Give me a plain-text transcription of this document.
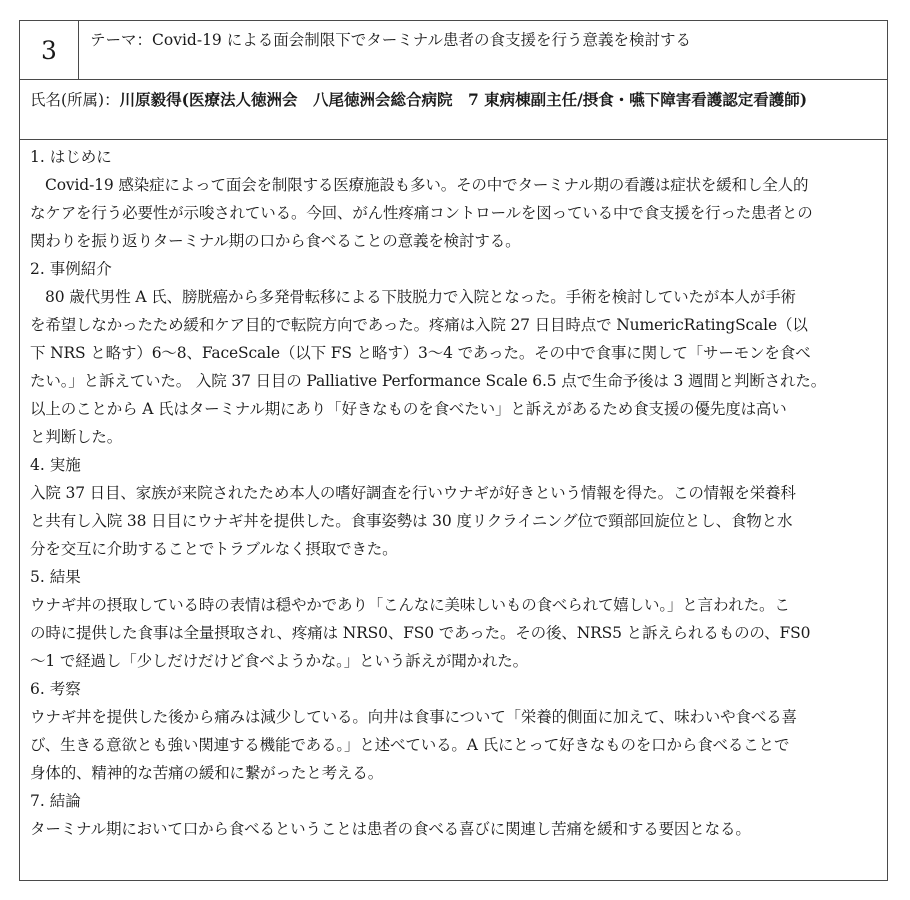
3	テーマ：Covid-19 による面会制限下でターミナル患者の食支援を行う意義を検討する
氏名(所属)：川原毅得(医療法人徳洲会　八尾徳洲会総合病院　7 東病棟副主任/摂食・嚥下障害看護認定看護師)
1. はじめに
Covid-19 感染症によって面会を制限する医療施設も多い。その中でターミナル期の看護は症状を緩和し全人的
なケアを行う必要性が示唆されている。今回、がん性疼痛コントロールを図っている中で食支援を行った患者との
関わりを振り返りターミナル期の口から食べることの意義を検討する。
2. 事例紹介
80 歳代男性 A 氏、膀胱癌から多発骨転移による下肢脱力で入院となった。手術を検討していたが本人が手術
を希望しなかったため緩和ケア目的で転院方向であった。疼痛は入院 27 日目時点で NumericRatingScale（以
下 NRS と略す）6〜8、FaceScale（以下 FS と略す）3〜4 であった。その中で食事に関して「サーモンを食べ
たい。」と訴えていた。 入院 37 日目の Palliative Performance Scale 6.5 点で生命予後は 3 週間と判断された。
以上のことから A 氏はターミナル期にあり「好きなものを食べたい」と訴えがあるため食支援の優先度は高い
と判断した。
4. 実施
入院 37 日目、家族が来院されたため本人の嗜好調査を行いウナギが好きという情報を得た。この情報を栄養科
と共有し入院 38 日目にウナギ丼を提供した。食事姿勢は 30 度リクライニング位で頸部回旋位とし、食物と水
分を交互に介助することでトラブルなく摂取できた。
5. 結果
ウナギ丼の摂取している時の表情は穏やかであり「こんなに美味しいもの食べられて嬉しい。」と言われた。こ
の時に提供した食事は全量摂取され、疼痛は NRS0、FS0 であった。その後、NRS5 と訴えられるものの、FS0
〜1 で経過し「少しだけだけど食べようかな。」という訴えが聞かれた。
6. 考察
ウナギ丼を提供した後から痛みは減少している。向井は食事について「栄養的側面に加えて、味わいや食べる喜
び、生きる意欲とも強い関連する機能である。」と述べている。A 氏にとって好きなものを口から食べることで
身体的、精神的な苦痛の緩和に繋がったと考える。
7. 結論
ターミナル期において口から食べるということは患者の食べる喜びに関連し苦痛を緩和する要因となる。
